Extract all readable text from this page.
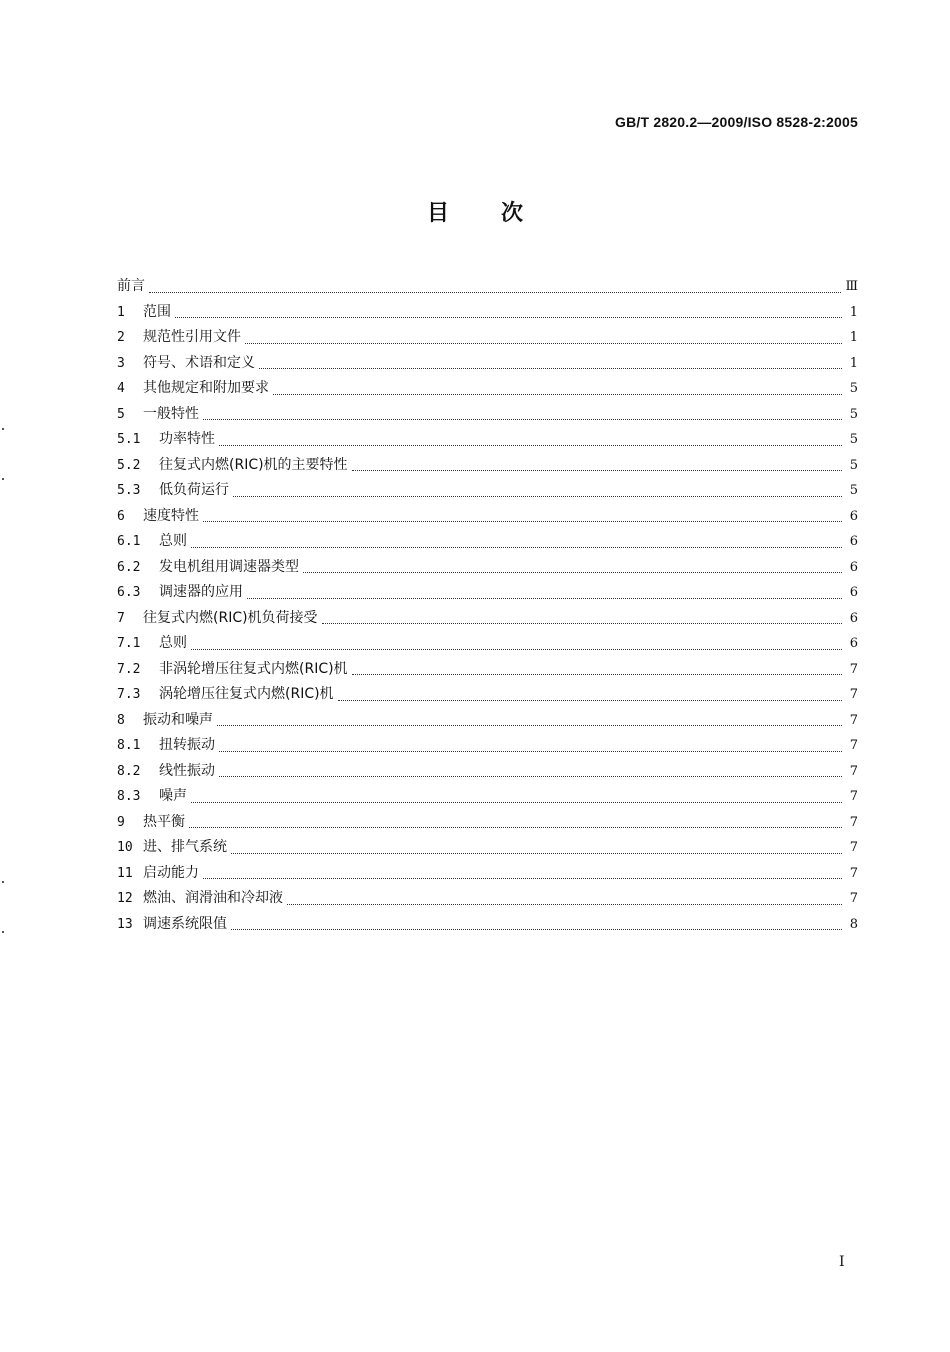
GB/T 2820.2—2009/ISO 8528-2:2005
目次
前言	Ⅲ
1	范围	1
2	规范性引用文件	1
3	符号、术语和定义	1
4	其他规定和附加要求	5
5	一般特性	5
5.1	功率特性	5
5.2	往复式内燃(RIC)机的主要特性	5
5.3	低负荷运行	5
6	速度特性	6
6.1	总则	6
6.2	发电机组用调速器类型	6
6.3	调速器的应用	6
7	往复式内燃(RIC)机负荷接受	6
7.1	总则	6
7.2	非涡轮增压往复式内燃(RIC)机	7
7.3	涡轮增压往复式内燃(RIC)机	7
8	振动和噪声	7
8.1	扭转振动	7
8.2	线性振动	7
8.3	噪声	7
9	热平衡	7
10 进、排气系统	7
11 启动能力	7
12 燃油、润滑油和冷却液	7
13 调速系统限值	8
I
